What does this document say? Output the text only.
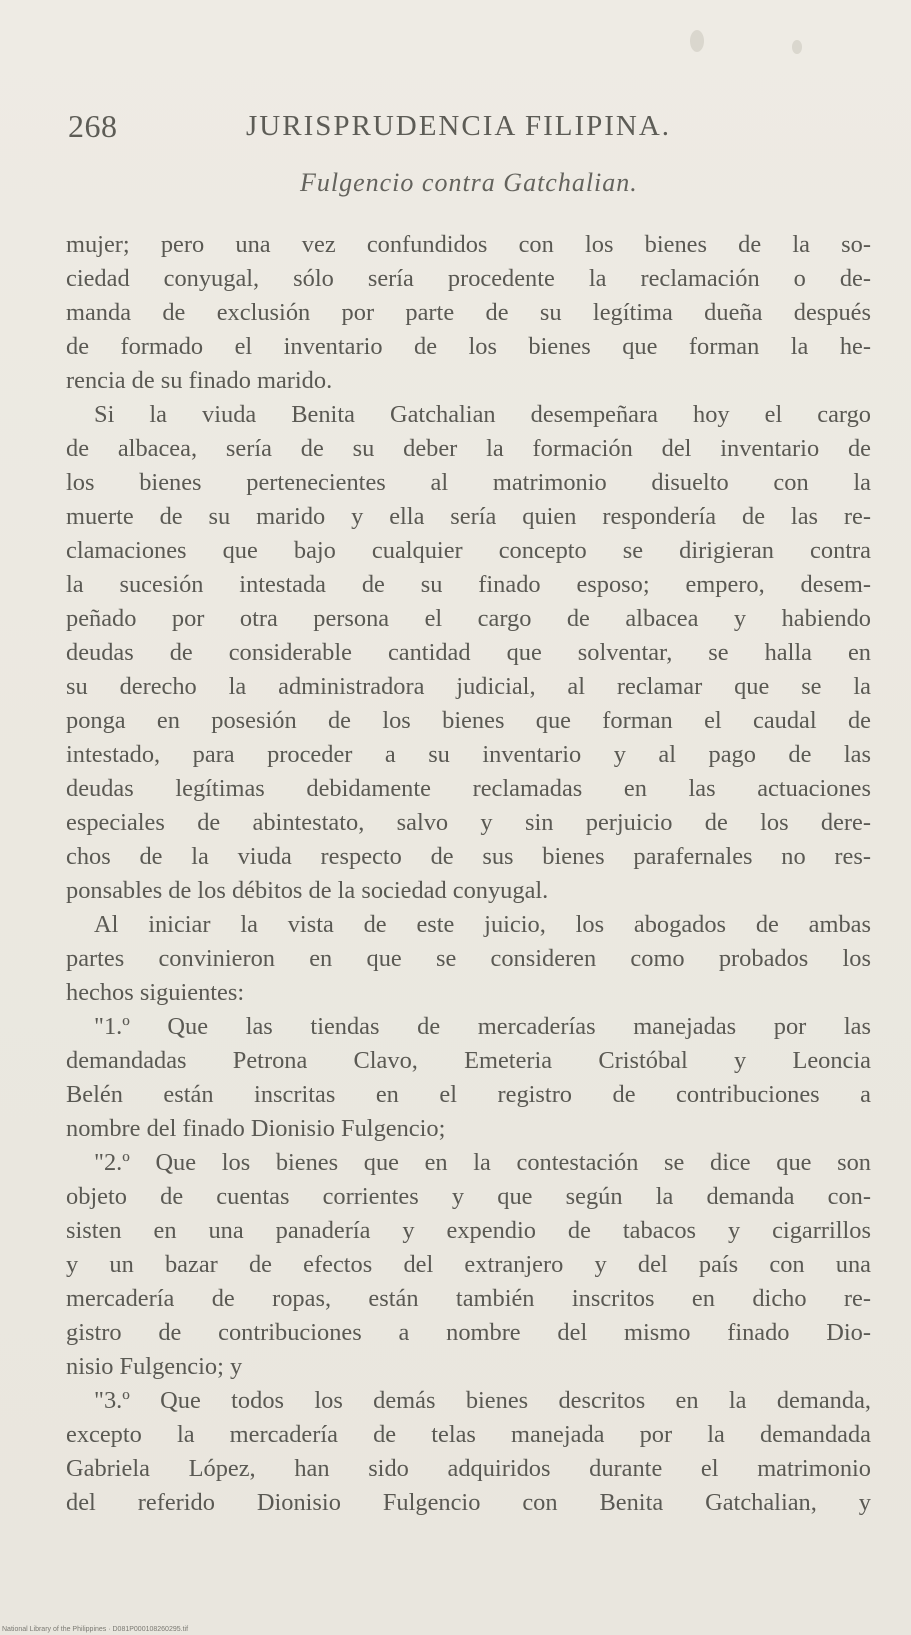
268	JURISPRUDENCIA FILIPINA.
Fulgencio contra Gatchalian.
mujer; pero una vez confundidos con los bienes de la so-
ciedad conyugal, sólo sería procedente la reclamación o de-
manda de exclusión por parte de su legítima dueña después
de formado el inventario de los bienes que forman la he-
rencia de su finado marido.
Si la viuda Benita Gatchalian desempeñara hoy el cargo
de albacea, sería de su deber la formación del inventario de
los bienes pertenecientes al matrimonio disuelto con la
muerte de su marido y ella sería quien respondería de las re-
clamaciones que bajo cualquier concepto se dirigieran contra
la sucesión intestada de su finado esposo; empero, desem-
peñado por otra persona el cargo de albacea y habiendo
deudas de considerable cantidad que solventar, se halla en
su derecho la administradora judicial, al reclamar que se la
ponga en posesión de los bienes que forman el caudal de
intestado, para proceder a su inventario y al pago de las
deudas legítimas debidamente reclamadas en las actuaciones
especiales de abintestato, salvo y sin perjuicio de los dere-
chos de la viuda respecto de sus bienes parafernales no res-
ponsables de los débitos de la sociedad conyugal.
Al iniciar la vista de este juicio, los abogados de ambas
partes convinieron en que se consideren como probados los
hechos siguientes:
"1.º Que las tiendas de mercaderías manejadas por las
demandadas Petrona Clavo, Emeteria Cristóbal y Leoncia
Belén están inscritas en el registro de contribuciones a
nombre del finado Dionisio Fulgencio;
"2.º Que los bienes que en la contestación se dice que son
objeto de cuentas corrientes y que según la demanda con-
sisten en una panadería y expendio de tabacos y cigarrillos
y un bazar de efectos del extranjero y del país con una
mercadería de ropas, están también inscritos en dicho re-
gistro de contribuciones a nombre del mismo finado Dio-
nisio Fulgencio; y
"3.º Que todos los demás bienes descritos en la demanda,
excepto la mercadería de telas manejada por la demandada
Gabriela López, han sido adquiridos durante el matrimonio
del referido Dionisio Fulgencio con Benita Gatchalian, y
National Library of the Philippines · D081P000108260295.tif
